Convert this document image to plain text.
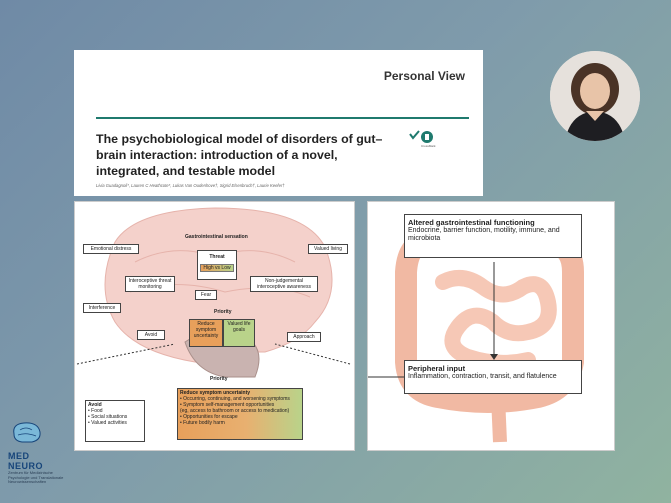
Personal View
The psychobiological model of disorders of gut–brain interaction: introduction of a novel, integrated, and testable model
Livia Guadagnoli*, Lauren C Heathcote*, Lukas Van Oudenhove†, Sigrid Elsenbruch†, Laurie Keefer†
CrossMark
Gastrointestinal sensation
Emotional distress	Valued living
Threat
High vs Low
Interoceptive threat monitoring
Non-judgemental interoceptive awareness
Fear
Interference
Priority
Reduce symptom uncertainty
Valued life goals
Avoid	Approach
Priority
Avoid
• Food
• Social situations
• Valued activities
Reduce symptom uncertainty
• Occurring, continuing, and worsening symptoms
• Symptom self-management opportunities
(eg, access to bathroom or access to medication)
• Opportunities for escape
• Future bodily harm
Altered gastrointestinal functioning
Endocrine, barrier function, motility, immune, and microbiota
Peripheral input
Inflammation, contraction, transit, and flatulence
MED
NEURO
Zentrum für Medizinische
Psychologie und Translationale
Neurowissenschaften
